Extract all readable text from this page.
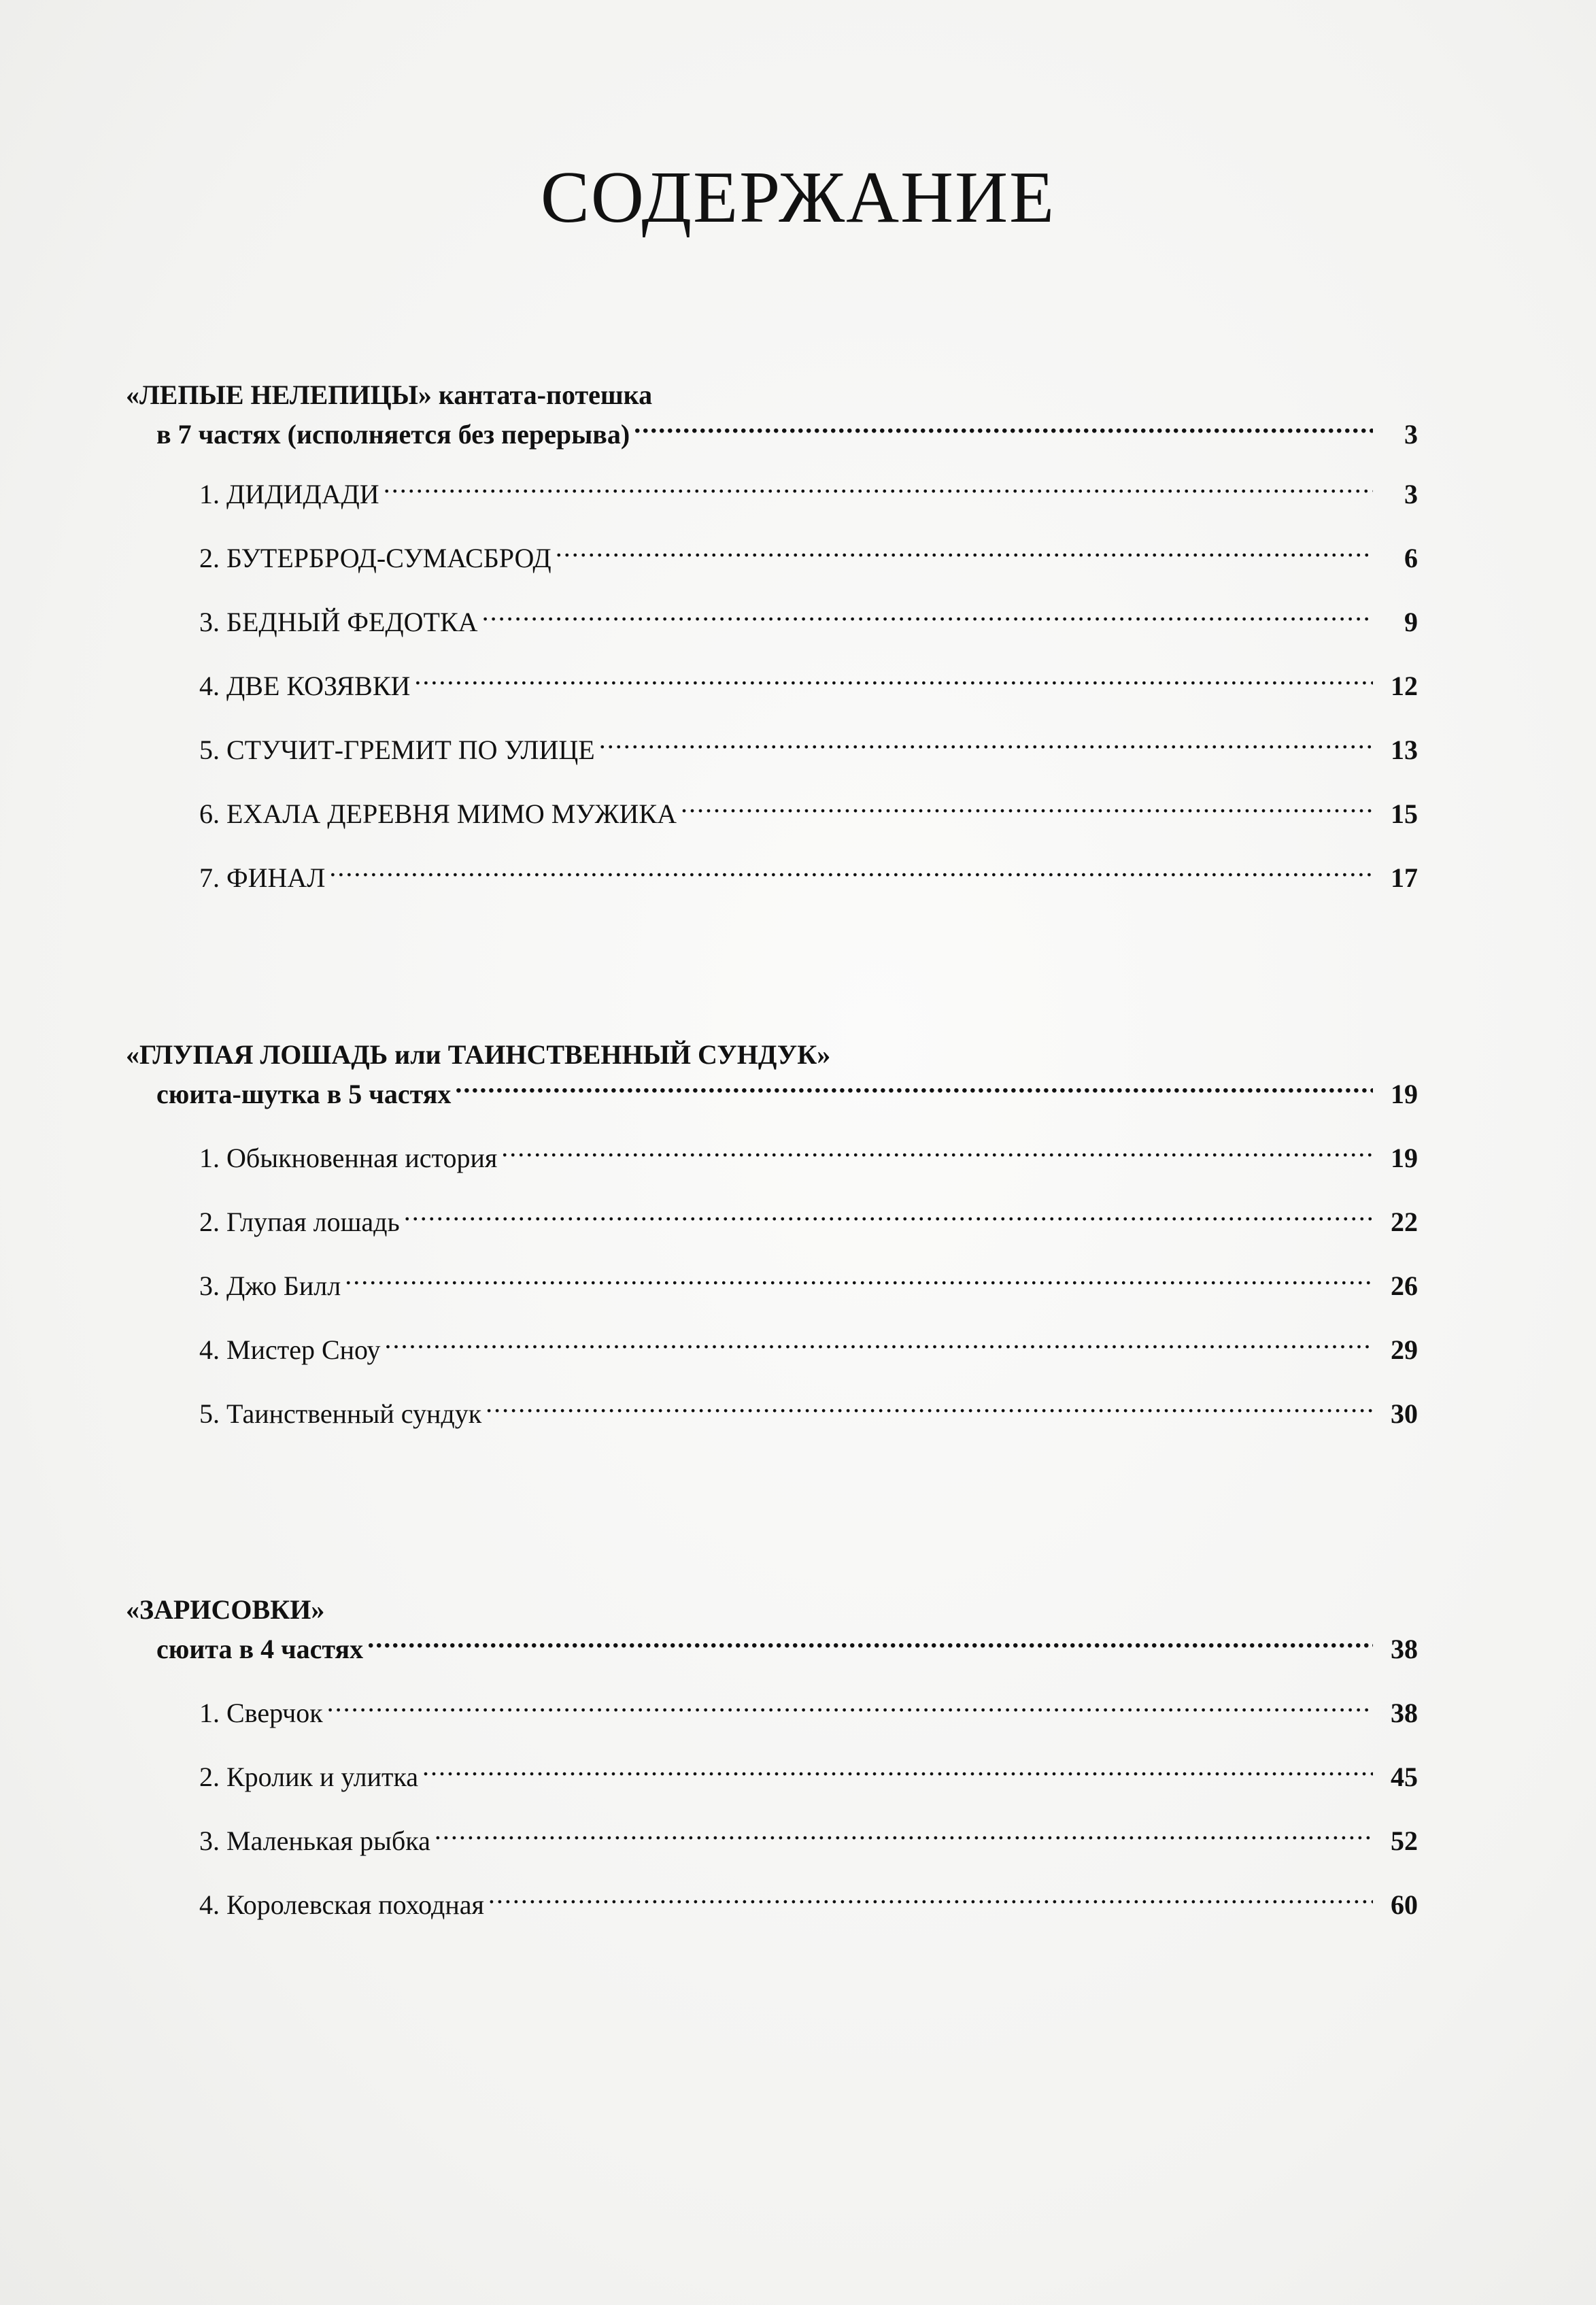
СОДЕРЖАНИЕ

«ЛЕПЫЕ НЕЛЕПИЦЫ» кантата-потешка

в 7 частях (исполняется без перерыва) .....	3
1. ДИДИДАДИ .....	3
2. БУТЕРБРОД-СУМАСБРОД .....	6
3. БЕДНЫЙ ФЕДОТКА .....	9
4. ДВЕ КОЗЯВКИ .....	12
5. СТУЧИТ-ГРЕМИТ ПО УЛИЦЕ .....	13
6. ЕХАЛА ДЕРЕВНЯ МИМО МУЖИКА .....	15
7. ФИНАЛ .....	17

«ГЛУПАЯ ЛОШАДЬ или ТАИНСТВЕННЫЙ СУНДУК»

сюита-шутка в 5 частях .....	19
1. Обыкновенная история .....	19
2. Глупая лошадь .....	22
3. Джо Билл .....	26
4. Мистер Сноу .....	29
5. Таинственный сундук .....	30

«ЗАРИСОВКИ»

сюита в 4 частях .....	38
1. Сверчок .....	38
2. Кролик и улитка .....	45
3. Маленькая рыбка .....	52
4. Королевская походная .....	60
